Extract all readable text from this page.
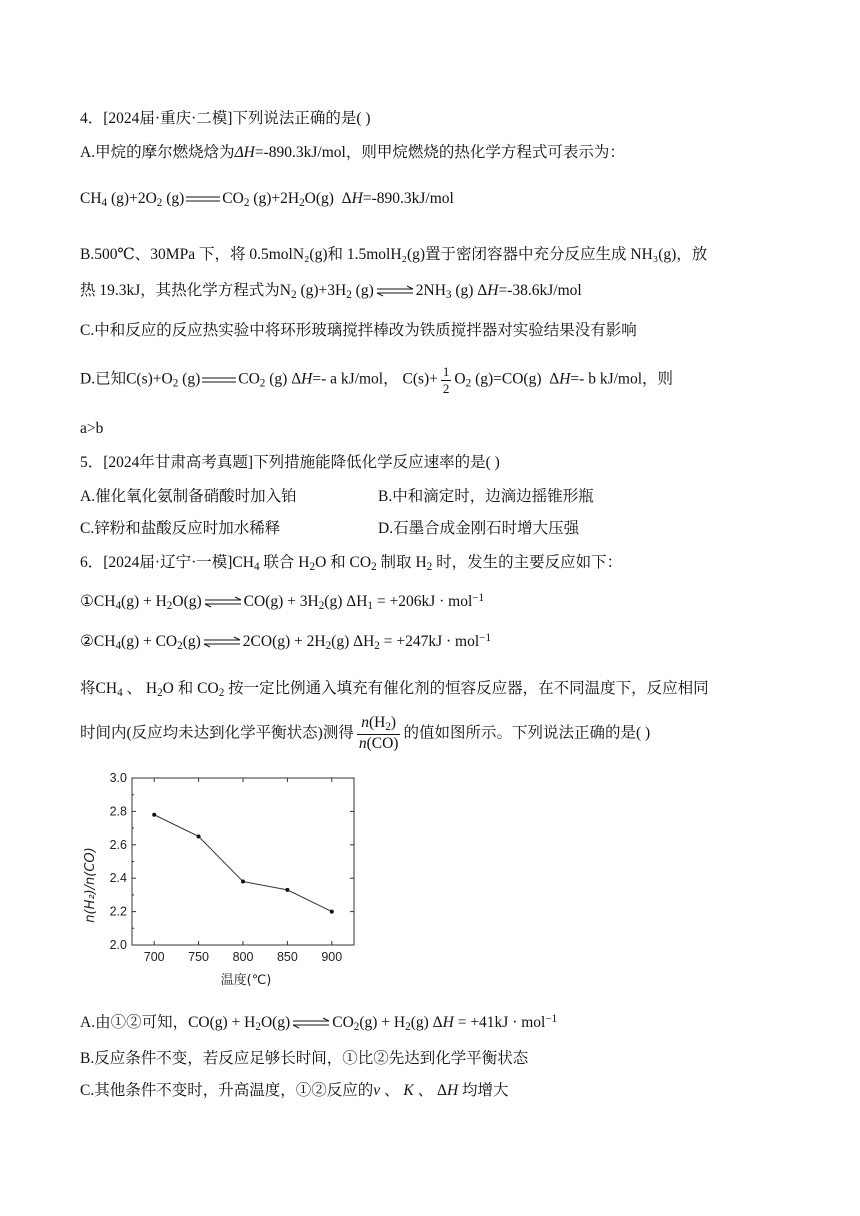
4．[2024届·重庆·二模]下列说法正确的是( )
A.甲烷的摩尔燃烧焓为ΔH=-890.3kJ/mol，则甲烷燃烧的热化学方程式可表示为：
$CH_4$ $(g)+2O_2$ (g) $CO_2$ $(g)+2H_2O(g)$  ΔH=-890.3kJ/mol
B.500℃、30MPa 下，将 0.5molN₂(g)和 1.5molH₂(g)置于密闭容器中充分反应生成 NH₃(g)，放
热 19.3kJ，其热化学方程式为$N_2$ $(g)+3H_2$ (g)	$2NH_3$ (g) ΔH=-38.6kJ/mol
C.中和反应的反应热实验中将环形玻璃搅拌棒改为铁质搅拌器对实验结果没有影响
D.已知$C(s)+O_2$ (g) $CO_2$ (g) ΔH=- a kJ/mol， $C(s)+ \frac{1}{2} O_2$ (g)=CO(g)  ΔH=- b kJ/mol，则
a>b
5．[2024年甘肃高考真题]下列措施能降低化学反应速率的是( )
A.催化氧化氨制备硝酸时加入铂	B.中和滴定时，边滴边摇锥形瓶
C.锌粉和盐酸反应时加水稀释	D.石墨合成金刚石时增大压强
6．[2024届·辽宁·一模]$CH_4$ 联合 $H_2O$ 和 $CO_2$ 制取 $H_2$ 时，发生的主要反应如下：
$①CH_4(g) + H_2O(g)$	$CO(g) + 3H_2(g) \Delta H_1 = +206kJ \cdot mol^{-1}$
$②CH_4(g) + CO_2(g)$	$2CO(g) + 2H_2(g) \Delta H_2 = +247kJ \cdot mol^{-1}$
将$CH_4$ 、 $H_2O$ 和 $CO_2$ 按一定比例通入填充有催化剂的恒容反应器，在不同温度下，反应相同
时间内(反应均未达到化学平衡状态)测得 $\frac{n(H_2)}{n(CO)}$ 的值如图所示。下列说法正确的是( )
2.0
2.2
2.4
2.6
2.8
3.0
700 750 800 850 900
n(H₂)/n(CO)
温度(℃)
A.由①②可知，$CO(g) + H_2O(g)$	$CO_2(g) + H_2(g) \Delta H = +41kJ \cdot mol^{-1}$
B.反应条件不变，若反应足够长时间，①比②先达到化学平衡状态
C.其他条件不变时，升高温度，①②反应的v 、 K 、 ΔH 均增大
